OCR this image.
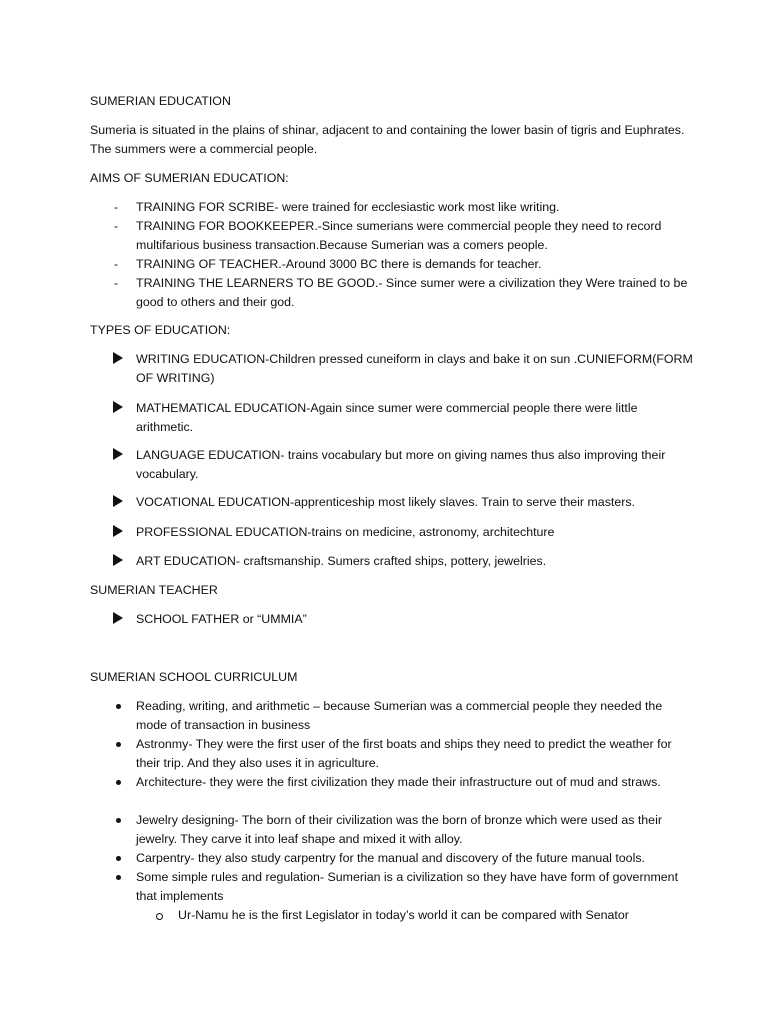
SUMERIAN EDUCATION

Sumeria is situated in the plains of shinar, adjacent to and containing the lower basin of tigris and Euphrates. The summers were a commercial people.

AIMS OF SUMERIAN EDUCATION:

- TRAINING FOR SCRIBE- were trained for ecclesiastic work most like writing.

- TRAINING FOR BOOKKEEPER.-Since sumerians were commercial people they need to record multifarious business transaction.Because Sumerian was a comers people.

- TRAINING OF TEACHER.-Around 3000 BC there is demands for teacher.

- TRAINING THE LEARNERS TO BE GOOD.- Since sumer were a civilization they Were trained to be good to others and their god.

TYPES OF EDUCATION:

WRITING EDUCATION-Children pressed cuneiform in clays and bake it on sun .CUNIEFORM(FORM OF WRITING)

MATHEMATICAL EDUCATION-Again since sumer were commercial people there were little arithmetic.

LANGUAGE EDUCATION- trains vocabulary but more on giving names thus also improving their vocabulary.

VOCATIONAL EDUCATION-apprenticeship most likely slaves. Train to serve their masters.

PROFESSIONAL EDUCATION-trains on medicine, astronomy, architechture

ART EDUCATION- craftsmanship. Sumers crafted ships, pottery, jewelries.

SUMERIAN TEACHER

SCHOOL FATHER or “UMMIA”

SUMERIAN SCHOOL CURRICULUM

Reading, writing, and arithmetic – because Sumerian was a commercial people they needed the mode of transaction in business

Astronmy- They were the first user of the first boats and ships they need to predict the weather for their trip. And they also uses it in agriculture.

Architecture- they were the first civilization they made their infrastructure out of mud and straws.

Jewelry designing- The born of their civilization was the born of bronze which were used as their jewelry. They carve it into leaf shape and mixed it with alloy.

Carpentry- they also study carpentry for the manual and discovery of the future manual tools.

Some simple rules and regulation- Sumerian is a civilization so they have have form of government that implements

Ur-Namu he is the first Legislator in today’s world it can be compared with Senator
